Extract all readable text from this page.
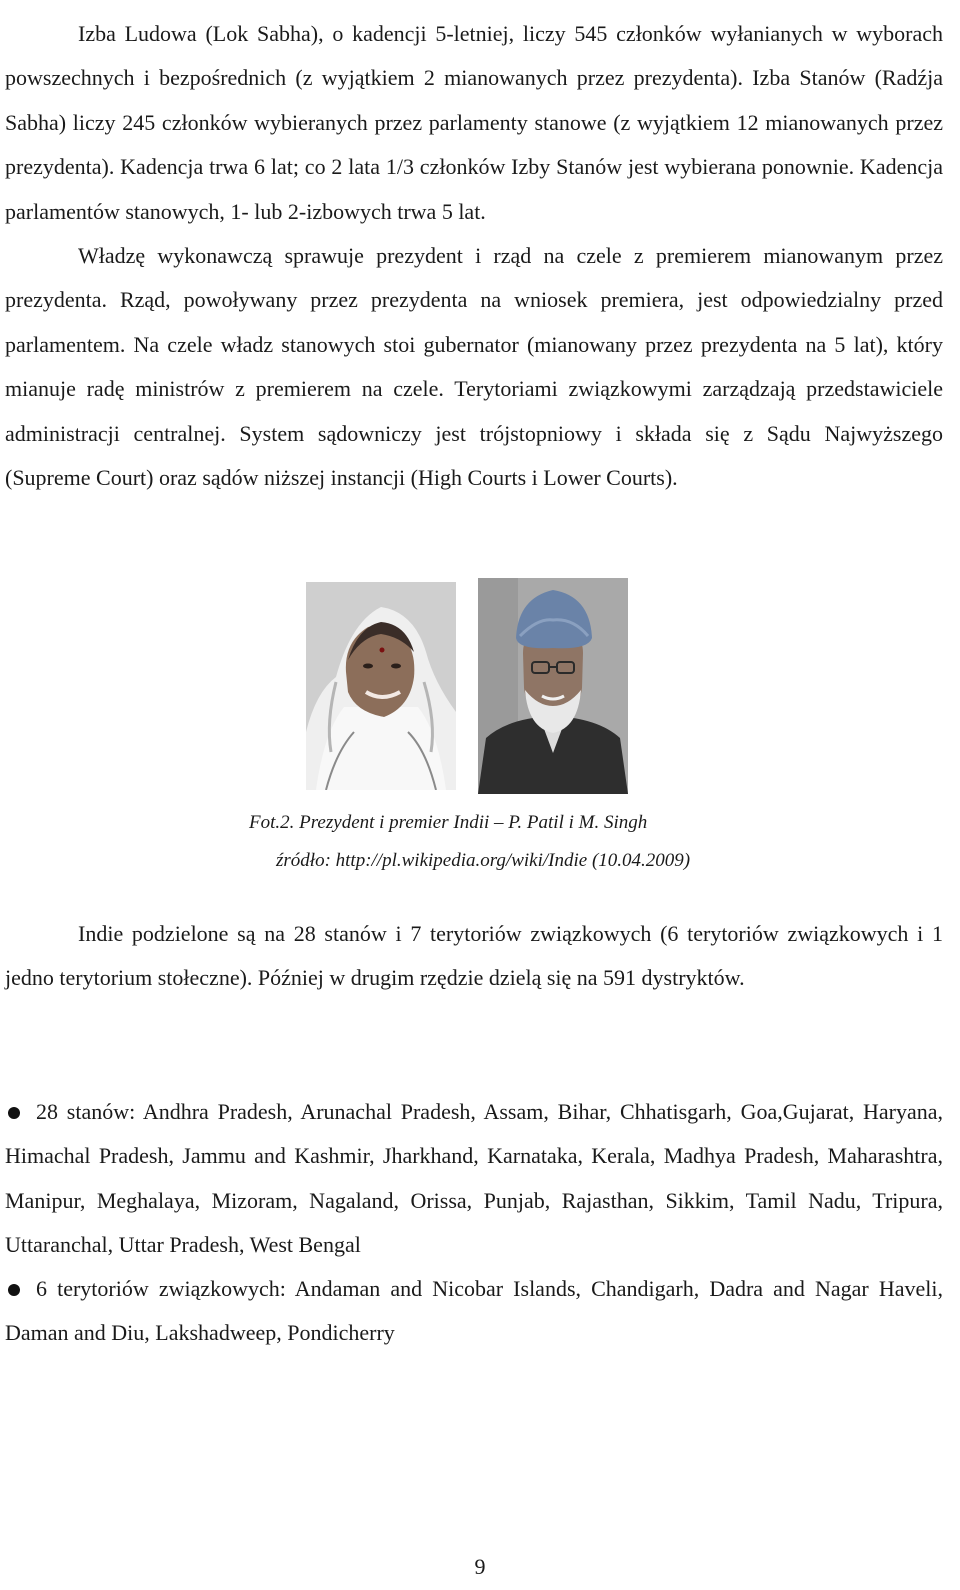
Izba Ludowa (Lok Sabha), o kadencji 5-letniej, liczy 545 członków wyłanianych w wyborach powszechnych i bezpośrednich (z wyjątkiem 2 mianowanych przez prezydenta). Izba Stanów (Radźja Sabha) liczy 245 członków wybieranych przez parlamenty stanowe (z wyjątkiem 12 mianowanych przez prezydenta). Kadencja trwa 6 lat; co 2 lata 1/3 członków Izby Stanów jest wybierana ponownie. Kadencja parlamentów stanowych, 1- lub 2-izbowych trwa 5 lat.

Władzę wykonawczą sprawuje prezydent i rząd na czele z premierem mianowanym przez prezydenta. Rząd, powoływany przez prezydenta na wniosek premiera, jest odpowiedzialny przed parlamentem. Na czele władz stanowych stoi gubernator (mianowany przez prezydenta na 5 lat), który mianuje radę ministrów z premierem na czele. Terytoriami związkowymi zarządzają przedstawiciele administracji centralnej. System sądowniczy jest trójstopniowy i składa się z Sądu Najwyższego (Supreme Court) oraz sądów niższej instancji (High Courts i Lower Courts).

Fot.2. Prezydent i premier Indii – P. Patil i M. Singh

źródło: http://pl.wikipedia.org/wiki/Indie (10.04.2009)

Indie podzielone są na 28 stanów i 7 terytoriów związkowych (6 terytoriów związkowych i 1 jedno terytorium stołeczne). Później w drugim rzędzie dzielą się na 591 dystryktów.

28 stanów: Andhra Pradesh, Arunachal Pradesh, Assam, Bihar, Chhatisgarh, Goa,Gujarat, Haryana, Himachal Pradesh, Jammu and Kashmir, Jharkhand, Karnataka, Kerala, Madhya Pradesh, Maharashtra, Manipur, Meghalaya, Mizoram, Nagaland, Orissa, Punjab, Rajasthan, Sikkim, Tamil Nadu, Tripura, Uttaranchal, Uttar Pradesh, West Bengal

6 terytoriów związkowych: Andaman and Nicobar Islands, Chandigarh, Dadra and Nagar Haveli, Daman and Diu, Lakshadweep, Pondicherry

9
